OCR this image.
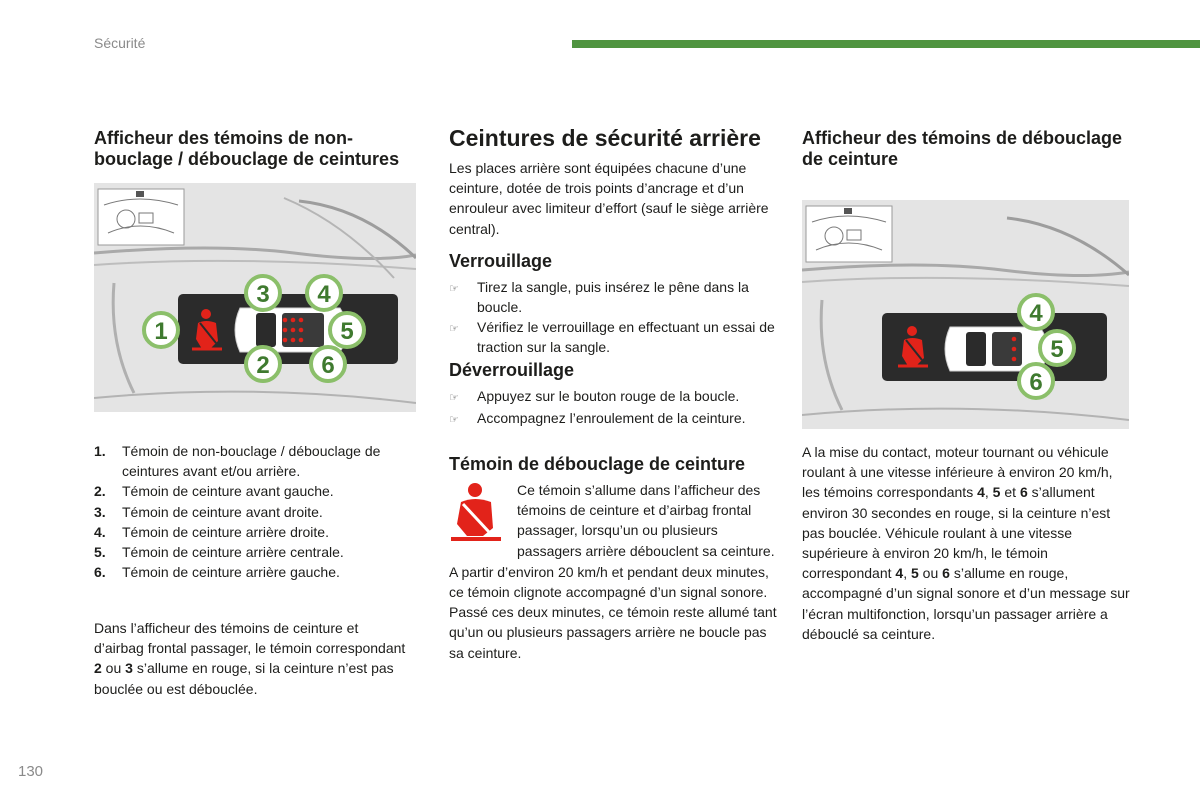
Sécurité
Afficheur des témoins de non-bouclage / débouclage de ceintures
1
2
3 4
5
6
1.	Témoin de non-bouclage / débouclage de ceintures avant et/ou arrière.
2.	Témoin de ceinture avant gauche.
3.	Témoin de ceinture avant droite.
4.	Témoin de ceinture arrière droite.
5.	Témoin de ceinture arrière centrale.
6.	Témoin de ceinture arrière gauche.

Dans l’afficheur des témoins de ceinture et d’airbag frontal passager, le témoin correspondant 2 ou 3 s’allume en rouge, si la ceinture n’est pas bouclée ou est débouclée.

Ceintures de sécurité arrière

Les places arrière sont équipées chacune d’une ceinture, dotée de trois points d’ancrage et d’un enrouleur avec limiteur d’effort (sauf le siège arrière central).

Verrouillage
☞	Tirez la sangle, puis insérez le pêne dans la boucle.
☞	Vérifiez le verrouillage en effectuant un essai de traction sur la sangle.
Déverrouillage
☞	Appuyez sur le bouton rouge de la boucle.
☞	Accompagnez l’enroulement de la ceinture.
Témoin de débouclage de ceinture

Ce témoin s’allume dans l’afficheur des témoins de ceinture et d’airbag frontal passager, lorsqu’un ou plusieurs passagers arrière débouclent sa ceinture.

A partir d’environ 20 km/h et pendant deux minutes, ce témoin clignote accompagné d’un signal sonore. Passé ces deux minutes, ce témoin reste allumé tant qu’un ou plusieurs passagers arrière ne boucle pas sa ceinture.

Afficheur des témoins de débouclage de ceinture
4
5
6

A la mise du contact, moteur tournant ou véhicule roulant à une vitesse inférieure à environ 20 km/h, les témoins correspondants 4, 5 et 6 s’allument environ 30 secondes en rouge, si la ceinture n’est pas bouclée. Véhicule roulant à une vitesse supérieure à environ 20 km/h, le témoin correspondant 4, 5 ou 6 s’allume en rouge, accompagné d’un signal sonore et d’un message sur l’écran multifonction, lorsqu’un passager arrière a débouclé sa ceinture.

130
